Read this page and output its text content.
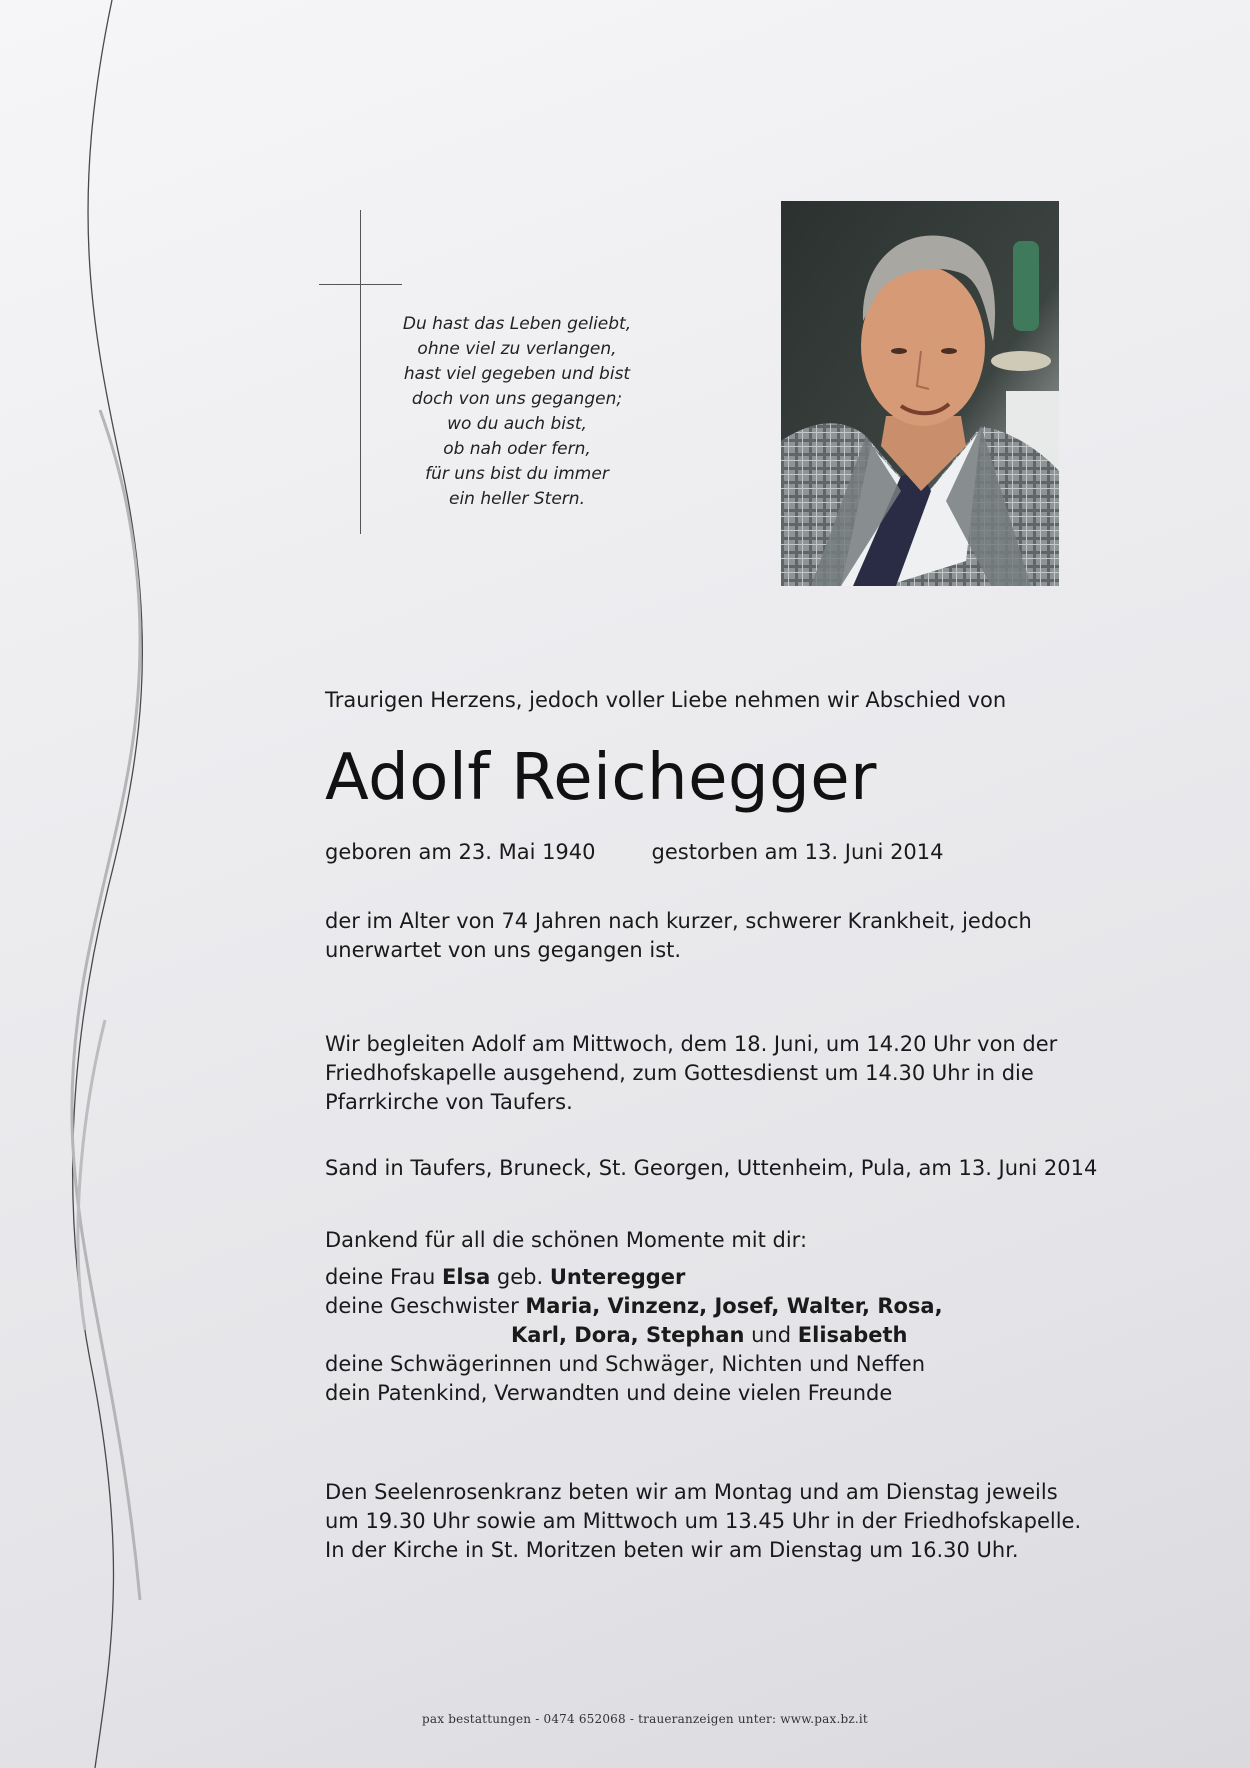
Du hast das Leben geliebt,
ohne viel zu verlangen,
hast viel gegeben und bist
doch von uns gegangen;
wo du auch bist,
ob nah oder fern,
für uns bist du immer
ein heller Stern.
Traurigen Herzens, jedoch voller Liebe nehmen wir Abschied von
Adolf Reichegger
geboren am 23. Mai 1940	gestorben am 13. Juni 2014
der im Alter von 74 Jahren nach kurzer, schwerer Krankheit, jedoch
unerwartet von uns gegangen ist.
Wir begleiten Adolf am Mittwoch, dem 18. Juni, um 14.20 Uhr von der
Friedhofskapelle ausgehend, zum Gottesdienst um 14.30 Uhr in die
Pfarrkirche von Taufers.
Sand in Taufers, Bruneck, St. Georgen, Uttenheim, Pula, am 13. Juni 2014
Dankend für all die schönen Momente mit dir:
deine Frau Elsa geb. Unteregger
deine Geschwister Maria, Vinzenz, Josef, Walter, Rosa,
Karl, Dora, Stephan und Elisabeth
deine Schwägerinnen und Schwäger, Nichten und Neffen
dein Patenkind, Verwandten und deine vielen Freunde
Den Seelenrosenkranz beten wir am Montag und am Dienstag jeweils
um 19.30 Uhr sowie am Mittwoch um 13.45 Uhr in der Friedhofskapelle.
In der Kirche in St. Moritzen beten wir am Dienstag um 16.30 Uhr.
pax bestattungen - 0474 652068 - traueranzeigen unter: www.pax.bz.it
